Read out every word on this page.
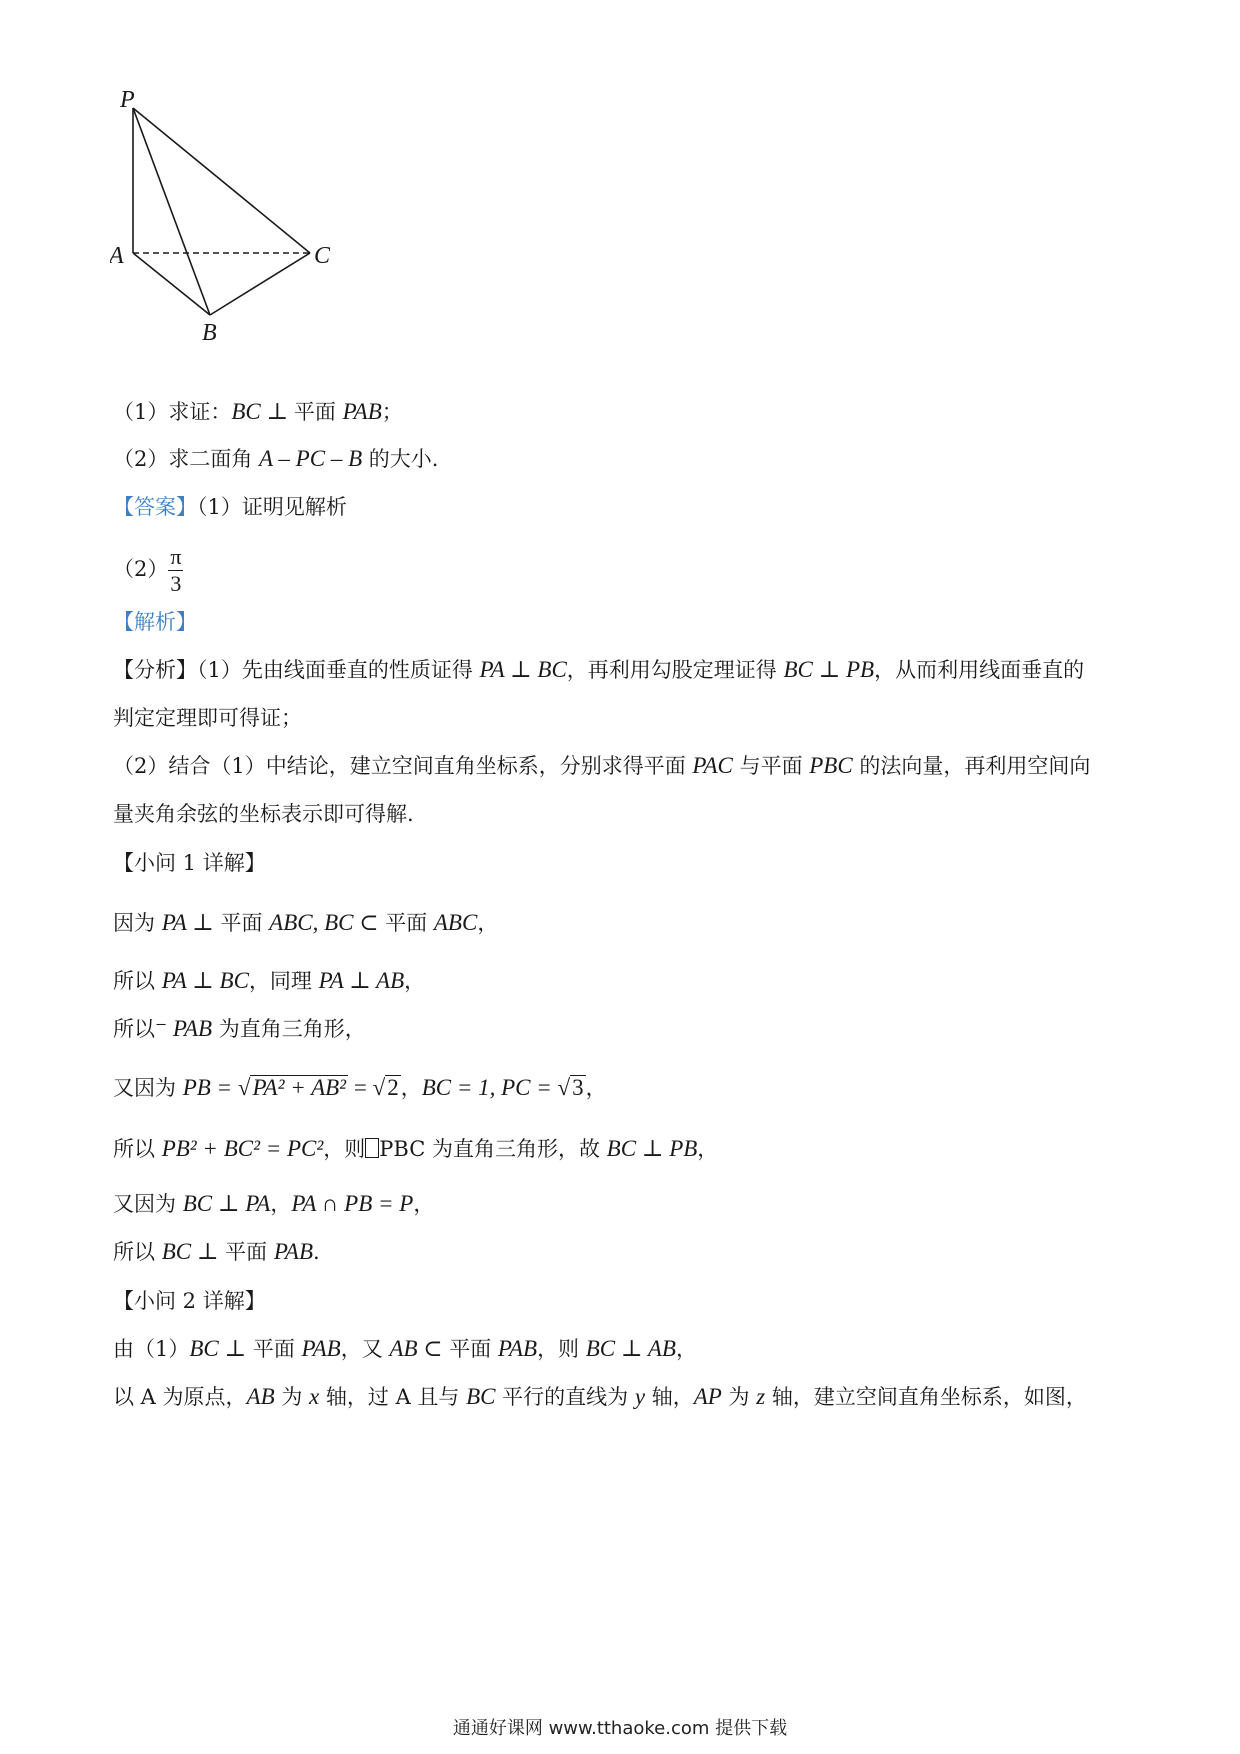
P
A
B
C
（1）求证：BC ⊥ 平面 PAB；
（2）求二面角 A – PC – B 的大小.
【答案】（1）证明见解析
$(2) \frac{\pi}{3}$
【解析】
【分析】（1）先由线面垂直的性质证得 PA ⊥ BC，再利用勾股定理证得 BC ⊥ PB，从而利用线面垂直的
判定定理即可得证；
（2）结合（1）中结论，建立空间直角坐标系，分别求得平面 PAC 与平面 PBC 的法向量，再利用空间向
量夹角余弦的坐标表示即可得解.
【小问 1 详解】
因为 PA ⊥ 平面 ABC, BC ⊂ 平面 ABC，
所以 PA ⊥ BC，同理 PA ⊥ AB，
所以⁻ PAB 为直角三角形，
又因为 PB = √PA² + AB² = √2，BC = 1, PC = √3，
所以 PB² + BC² = PC²，则 PBC 为直角三角形，故 BC ⊥ PB，
又因为 BC ⊥ PA，PA ∩ PB = P，
所以 BC ⊥ 平面 PAB.
【小问 2 详解】
由（1）BC ⊥ 平面 PAB，又 AB ⊂ 平面 PAB，则 BC ⊥ AB，
以 A 为原点，AB 为 x 轴，过 A 且与 BC 平行的直线为 y 轴，AP 为 z 轴，建立空间直角坐标系，如图，
通通好课网 www.tthaoke.com 提供下载
